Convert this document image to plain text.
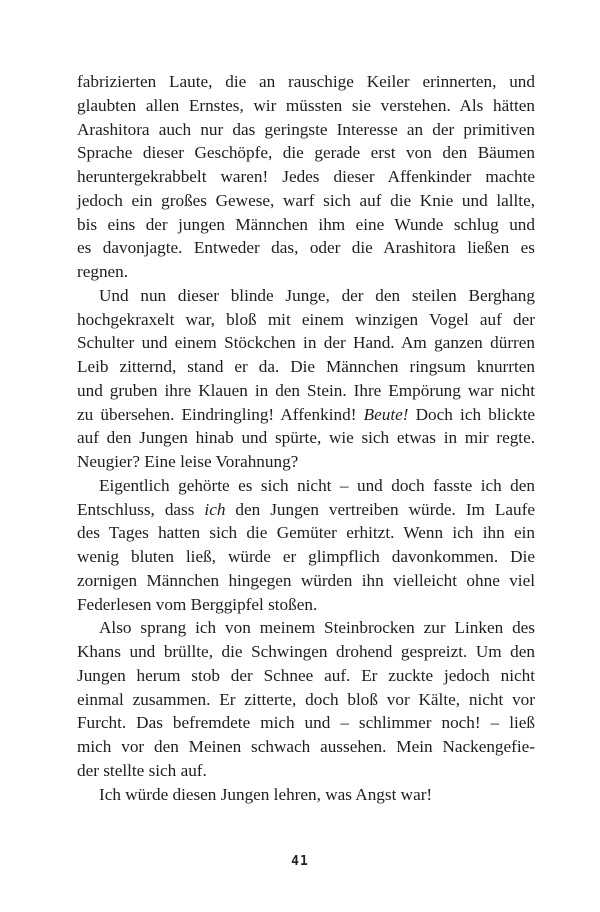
fabrizierten Laute, die an rauschige Keiler erinnerten, und
glaubten allen Ernstes, wir müssten sie verstehen. Als hätten
Arashitora auch nur das geringste Interesse an der primitiven
Sprache dieser Geschöpfe, die gerade erst von den Bäumen
heruntergekrabbelt waren! Jedes dieser Affenkinder machte
jedoch ein großes Gewese, warf sich auf die Knie und lallte,
bis eins der jungen Männchen ihm eine Wunde schlug und
es davonjagte. Entweder das, oder die Arashitora ließen es
regnen.

Und nun dieser blinde Junge, der den steilen Berghang
hochgekraxelt war, bloß mit einem winzigen Vogel auf der
Schulter und einem Stöckchen in der Hand. Am ganzen dürren
Leib zitternd, stand er da. Die Männchen ringsum knurrten
und gruben ihre Klauen in den Stein. Ihre Empörung war nicht
zu übersehen. Eindringling! Affenkind! Beute! Doch ich blickte
auf den Jungen hinab und spürte, wie sich etwas in mir regte.
Neugier? Eine leise Vorahnung?

Eigentlich gehörte es sich nicht – und doch fasste ich den
Entschluss, dass ich den Jungen vertreiben würde. Im Laufe
des Tages hatten sich die Gemüter erhitzt. Wenn ich ihn ein
wenig bluten ließ, würde er glimpflich davonkommen. Die
zornigen Männchen hingegen würden ihn vielleicht ohne viel
Federlesen vom Berggipfel stoßen.

Also sprang ich von meinem Steinbrocken zur Linken des
Khans und brüllte, die Schwingen drohend gespreizt. Um den
Jungen herum stob der Schnee auf. Er zuckte jedoch nicht
einmal zusammen. Er zitterte, doch bloß vor Kälte, nicht vor
Furcht. Das befremdete mich und – schlimmer noch! – ließ
mich vor den Meinen schwach aussehen. Mein Nackengefie-
der stellte sich auf.

Ich würde diesen Jungen lehren, was Angst war!

41
